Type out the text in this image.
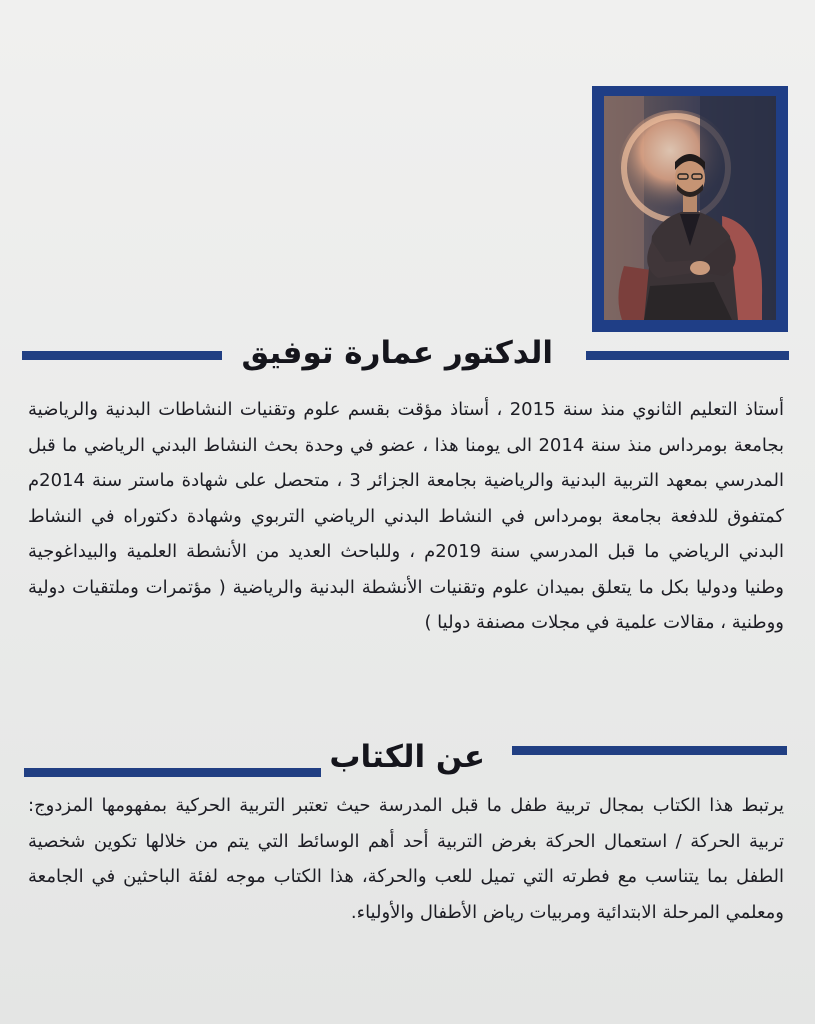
الدكتور عمارة توفيق

أستاذ التعليم الثانوي منذ سنة 2015 ، أستاذ مؤقت بقسم علوم وتقنيات النشاطات البدنية والرياضية بجامعة بومرداس منذ سنة 2014 الى يومنا هذا ، عضو في وحدة بحث النشاط البدني الرياضي ما قبل المدرسي بمعهد التربية البدنية والرياضية بجامعة الجزائر 3 ، متحصل على شهادة ماستر سنة 2014م كمتفوق للدفعة بجامعة بومرداس في النشاط البدني الرياضي التربوي وشهادة دكتوراه في النشاط البدني الرياضي ما قبل المدرسي سنة 2019م ، وللباحث العديد من الأنشطة العلمية والبيداغوجية وطنيا ودوليا بكل ما يتعلق بميدان علوم وتقنيات الأنشطة البدنية والرياضية ( مؤتمرات وملتقيات دولية ووطنية ، مقالات علمية في مجلات مصنفة دوليا )

عن الكتاب

يرتبط هذا الكتاب بمجال تربية طفل ما قبل المدرسة حيث تعتبر التربية الحركية بمفهومها المزدوج: تربية الحركة / استعمال الحركة بغرض التربية أحد أهم الوسائط التي يتم من خلالها تكوين شخصية الطفل بما يتناسب مع فطرته التي تميل للعب والحركة، هذا الكتاب موجه لفئة الباحثين في الجامعة ومعلمي المرحلة الابتدائية ومربيات رياض الأطفال والأولياء.
